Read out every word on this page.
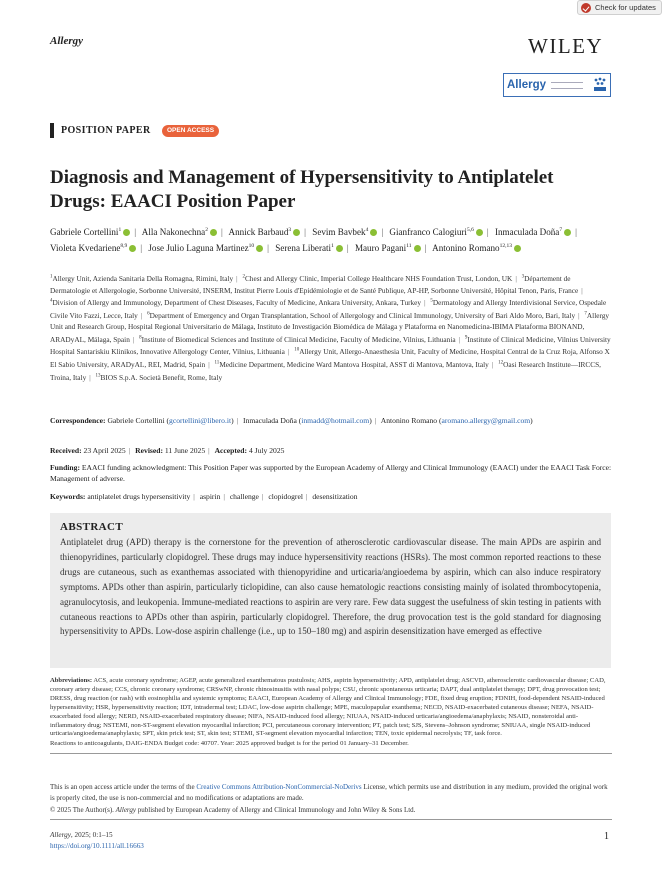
Check for updates
Allergy	WILEY
Allergy
POSITION PAPER	OPEN ACCESS
Diagnosis and Management of Hypersensitivity to Antiplatelet Drugs: EAACI Position Paper
Gabriele Cortellini$^1$ | Alla Nakonechna$^2$ | Annick Barbaud$^3$ | Sevim Bavbek$^4$ | Gianfranco Calogiuri$^{5,6}$ | Inmaculada Doña$^7$ | Violeta Kvedariene$^{8,9}$ | Jose Julio Laguna Martinez$^{10}$ | Serena Liberati$^1$ | Mauro Pagani$^{11}$ | Antonino Romano$^{12,13}$
$^1$Allergy Unit, Azienda Sanitaria Della Romagna, Rimini, Italy | $^2$Chest and Allergy Clinic, Imperial College Healthcare NHS Foundation Trust, London, UK | $^3$Département de Dermatologie et Allergologie, Sorbonne Université, INSERM, Institut Pierre Louis d'Epidémiologie et de Santé Publique, AP-HP, Sorbonne Université, Hôpital Tenon, Paris, France | $^4$Division of Allergy and Immunology, Department of Chest Diseases, Faculty of Medicine, Ankara University, Ankara, Turkey | $^5$Dermatology and Allergy Interdivisional Service, Ospedale Civile Vito Fazzi, Lecce, Italy | $^6$Department of Emergency and Organ Transplantation, School of Allergology and Clinical Immunology, University of Bari Aldo Moro, Bari, Italy | $^7$Allergy Unit and Research Group, Hospital Regional Universitario de Málaga, Instituto de Investigación Biomédica de Málaga y Plataforma en Nanomedicina-IBIMA Plataforma BIONAND, ARADyAL, Málaga, Spain | $^8$Institute of Biomedical Sciences and Institute of Clinical Medicine, Faculty of Medicine, Vilnius, Lithuania | $^9$Institute of Clinical Medicine, Vilnius University Hospital Santariskiu Klinikos, Innovative Allergology Center, Vilnius, Lithuania | $^{10}$Allergy Unit, Allergo-Anaesthesia Unit, Faculty of Medicine, Hospital Central de la Cruz Roja, Alfonso X El Sabio University, ARADyAL, REI, Madrid, Spain | $^{11}$Medicine Department, Medicine Ward Mantova Hospital, ASST di Mantova, Mantova, Italy | $^{12}$Oasi Research Institute—IRCCS, Troina, Italy | $^{13}$BIOS S.p.A. Società Benefit, Rome, Italy
Correspondence: Gabriele Cortellini (gcortellini@libero.it) | Inmaculada Doña (inmadd@hotmail.com) | Antonino Romano (aromano.allergy@gmail.com)
Received: 23 April 2025 | Revised: 11 June 2025 | Accepted: 4 July 2025
Funding: EAACI funding acknowledgment: This Position Paper was supported by the European Academy of Allergy and Clinical Immunology (EAACI) under the EAACI Task Force: Management of adverse.
Keywords: antiplatelet drugs hypersensitivity | aspirin | challenge | clopidogrel | desensitization
ABSTRACT

Antiplatelet drug (APD) therapy is the cornerstone for the prevention of atherosclerotic cardiovascular disease. The main APDs are aspirin and thienopyridines, particularly clopidogrel. These drugs may induce hypersensitivity reactions (HSRs). The most common reported reactions to these drugs are cutaneous, such as exanthemas associated with thienopyridine and urticaria/angioedema by aspirin, which can also induce respiratory symptoms. APDs other than aspirin, particularly ticlopidine, can also cause hematologic reactions consisting mainly of isolated thrombocytopenia, agranulocytosis, and leukopenia. Immune-mediated reactions to aspirin are very rare. Few data suggest the usefulness of skin testing in patients with cutaneous reactions to APDs other than aspirin, particularly clopidogrel. Therefore, the drug provocation test is the gold standard for diagnosing hypersensitivity to APDs. Low-dose aspirin challenge (i.e., up to 150–180 mg) and aspirin desensitization have emerged as effective

Abbreviations: ACS, acute coronary syndrome; AGEP, acute generalized exanthematous pustulosis; AHS, aspirin hypersensitivity; APD, antiplatelet drug; ASCVD, atherosclerotic cardiovascular disease; CAD, coronary artery disease; CCS, chronic coronary syndrome; CRSwNP, chronic rhinosinusitis with nasal polyps; CSU, chronic spontaneous urticaria; DAPT, dual antiplatelet therapy; DPT, drug provocation test; DRESS, drug reaction (or rash) with eosinophilia and systemic symptoms; EAACI, European Academy of Allergy and Clinical Immunology; FDE, fixed drug eruption; FDNIH, food-dependent NSAID-induced hypersensitivity; HSR, hypersensitivity reaction; IDT, intradermal test; LDAC, low-dose aspirin challenge; MPE, maculopapular exanthema; NECD, NSAID-exacerbated cutaneous disease; NEFA, NSAID-exacerbated food allergy; NERD, NSAID-exacerbated respiratory disease; NIFA, NSAID-induced food allergy; NIUAA, NSAID-induced urticaria/angioedema/anaphylaxis; NSAID, nonsteroidal anti-inflammatory drug; NSTEMI, non-ST-segment elevation myocardial infarction; PCI, percutaneous coronary intervention; PT, patch test; SJS, Stevens–Johnson syndrome; SNIUAA, single NSAID-induced urticaria/angioedema/anaphylaxis; SPT, skin prick test; ST, skin test; STEMI, ST-segment elevation myocardial infarction; TEN, toxic epidermal necrolysis; TF, task force.

Reactions to anticoagulants, DAIG-ENDA Budget code: 40707. Year: 2025 approved budget is for the period 01 January–31 December.

This is an open access article under the terms of the Creative Commons Attribution-NonCommercial-NoDerivs License, which permits use and distribution in any medium, provided the original work is properly cited, the use is non-commercial and no modifications or adaptations are made.

© 2025 The Author(s). Allergy published by European Academy of Allergy and Clinical Immunology and John Wiley & Sons Ltd.

Allergy, 2025; 0:1–15
https://doi.org/10.1111/all.16663
1
